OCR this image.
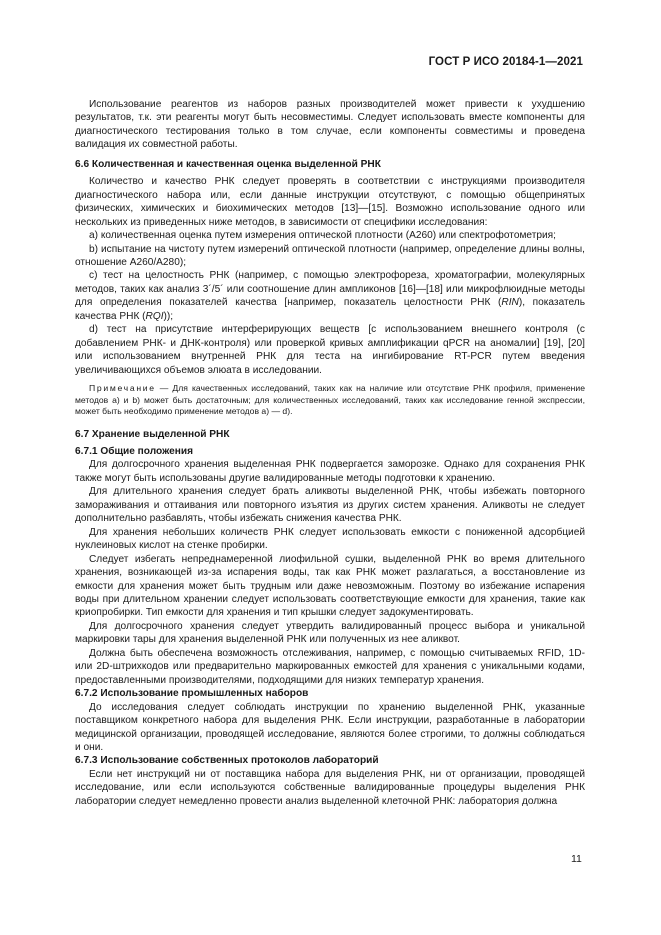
ГОСТ Р ИСО 20184-1—2021

Использование реагентов из наборов разных производителей может привести к ухудшению результатов, т.к. эти реагенты могут быть несовместимы. Следует использовать вместе компоненты для диагностического тестирования только в том случае, если компоненты совместимы и проведена валидация их совместной работы.

6.6 Количественная и качественная оценка выделенной РНК

Количество и качество РНК следует проверять в соответствии с инструкциями производителя диагностического набора или, если данные инструкции отсутствуют, с помощью общепринятых физических, химических и биохимических методов [13]—[15]. Возможно использование одного или нескольких из приведенных ниже методов, в зависимости от специфики исследования:

a) количественная оценка путем измерения оптической плотности (A260) или спектрофотометрия;

b) испытание на чистоту путем измерений оптической плотности (например, определение длины волны, отношение A260/A280);

c) тест на целостность РНК (например, с помощью электрофореза, хроматографии, молекулярных методов, таких как анализ 3´/5´ или соотношение длин ампликонов [16]—[18] или микрофлюидные методы для определения показателей качества [например, показатель целостности РНК (RIN), показатель качества РНК (RQI));

d) тест на присутствие интерферирующих веществ [с использованием внешнего контроля (с добавлением РНК- и ДНК-контроля) или проверкой кривых амплификации qPCR на аномалии] [19], [20] или использованием внутренней РНК для теста на ингибирование RT-PCR путем введения увеличивающихся объемов элюата в исследовании.

Примечание — Для качественных исследований, таких как на наличие или отсутствие РНК профиля, применение методов a) и b) может быть достаточным; для количественных исследований, таких как исследование генной экспрессии, может быть необходимо применение методов a) — d).

6.7 Хранение выделенной РНК
6.7.1 Общие положения

Для долгосрочного хранения выделенная РНК подвергается заморозке. Однако для сохранения РНК также могут быть использованы другие валидированные методы подготовки к хранению.

Для длительного хранения следует брать аликвоты выделенной РНК, чтобы избежать повторного замораживания и оттаивания или повторного изъятия из других систем хранения. Аликвоты не следует дополнительно разбавлять, чтобы избежать снижения качества РНК.

Для хранения небольших количеств РНК следует использовать емкости с пониженной адсорбцией нуклеиновых кислот на стенке пробирки.

Следует избегать непреднамеренной лиофильной сушки, выделенной РНК во время длительного хранения, возникающей из-за испарения воды, так как РНК может разлагаться, а восстановление из емкости для хранения может быть трудным или даже невозможным. Поэтому во избежание испарения воды при длительном хранении следует использовать соответствующие емкости для хранения, такие как криопробирки. Тип емкости для хранения и тип крышки следует задокументировать.

Для долгосрочного хранения следует утвердить валидированный процесс выбора и уникальной маркировки тары для хранения выделенной РНК или полученных из нее аликвот.

Должна быть обеспечена возможность отслеживания, например, с помощью считываемых RFID, 1D- или 2D-штрихкодов или предварительно маркированных емкостей для хранения с уникальными кодами, предоставленными производителями, подходящими для низких температур хранения.

6.7.2 Использование промышленных наборов

До исследования следует соблюдать инструкции по хранению выделенной РНК, указанные поставщиком конкретного набора для выделения РНК. Если инструкции, разработанные в лаборатории медицинской организации, проводящей исследование, являются более строгими, то должны соблюдаться и они.

6.7.3 Использование собственных протоколов лабораторий

Если нет инструкций ни от поставщика набора для выделения РНК, ни от организации, проводящей исследование, или если используются собственные валидированные процедуры выделения РНК лаборатории следует немедленно провести анализ выделенной клеточной РНК: лаборатория должна

11
